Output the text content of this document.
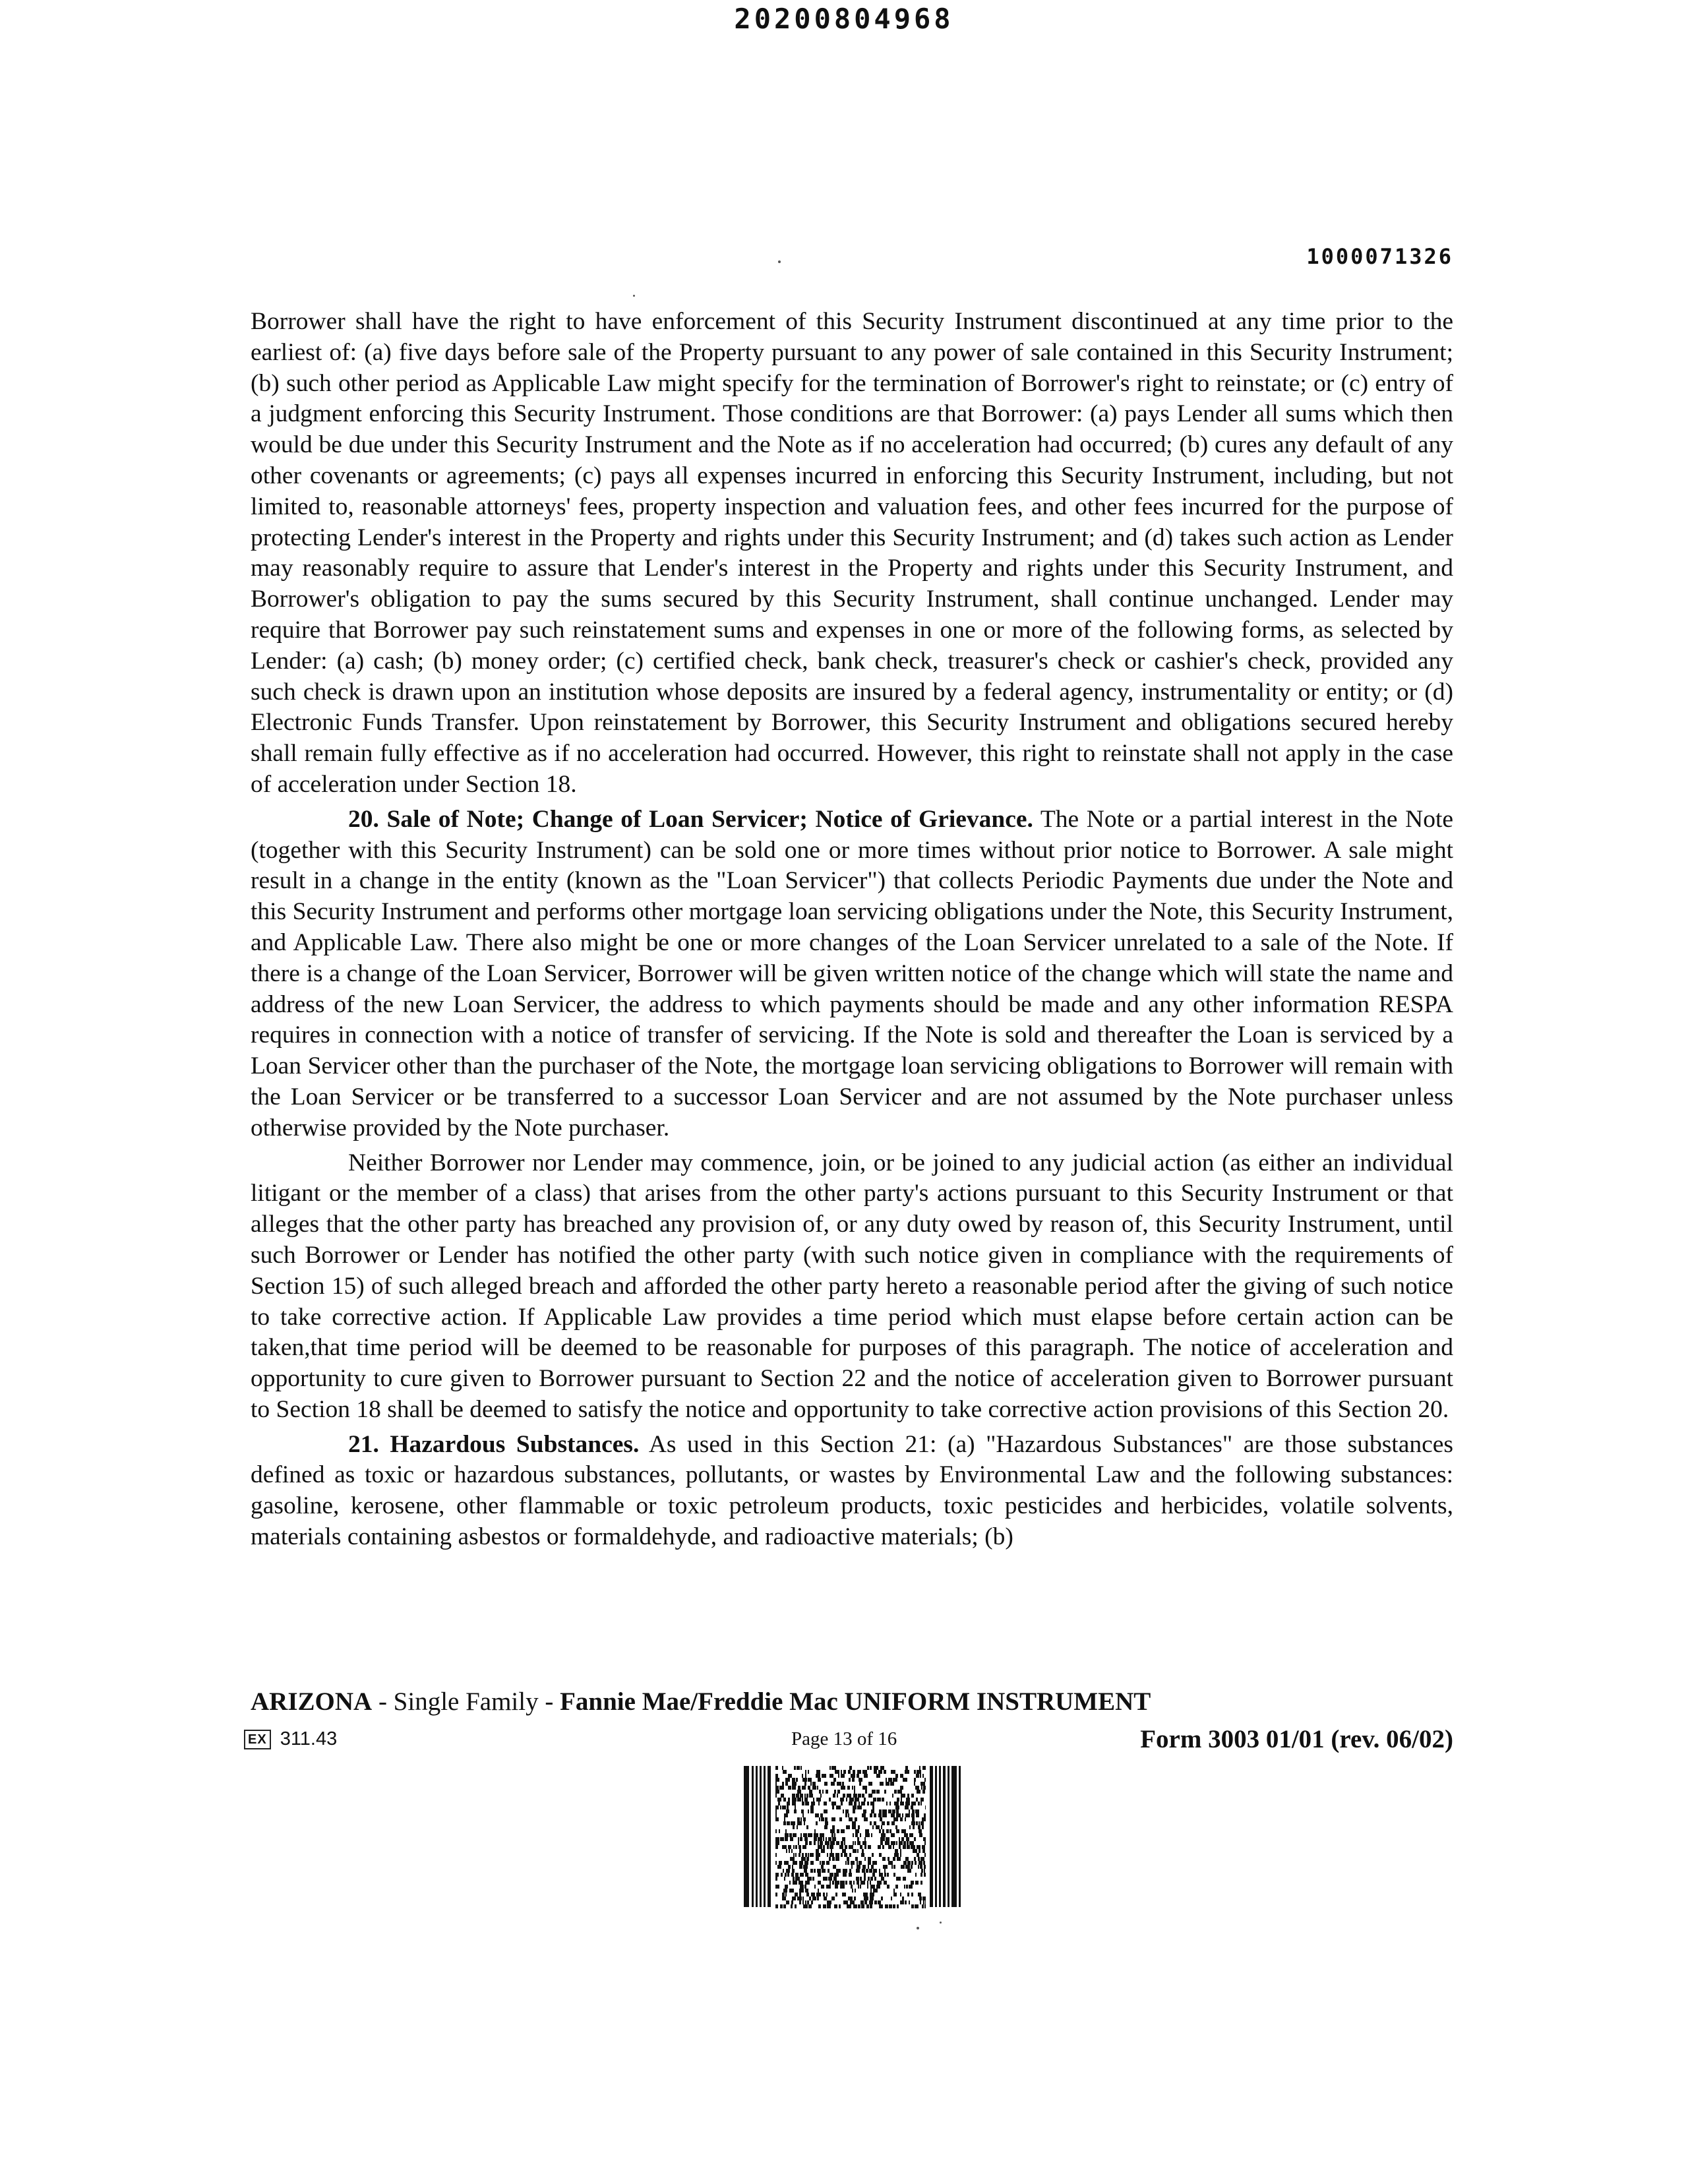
20200804968
1000071326

Borrower shall have the right to have enforcement of this Security Instrument discontinued at any time prior to the earliest of: (a) five days before sale of the Property pursuant to any power of sale contained in this Security Instrument; (b) such other period as Applicable Law might specify for the termination of Borrower's right to reinstate; or (c) entry of a judgment enforcing this Security Instrument. Those conditions are that Borrower: (a) pays Lender all sums which then would be due under this Security Instrument and the Note as if no acceleration had occurred; (b) cures any default of any other covenants or agreements; (c) pays all expenses incurred in enforcing this Security Instrument, including, but not limited to, reasonable attorneys' fees, property inspection and valuation fees, and other fees incurred for the purpose of protecting Lender's interest in the Property and rights under this Security Instrument; and (d) takes such action as Lender may reasonably require to assure that Lender's interest in the Property and rights under this Security Instrument, and Borrower's obligation to pay the sums secured by this Security Instrument, shall continue unchanged. Lender may require that Borrower pay such reinstatement sums and expenses in one or more of the following forms, as selected by Lender: (a) cash; (b) money order; (c) certified check, bank check, treasurer's check or cashier's check, provided any such check is drawn upon an institution whose deposits are insured by a federal agency, instrumentality or entity; or (d) Electronic Funds Transfer. Upon reinstatement by Borrower, this Security Instrument and obligations secured hereby shall remain fully effective as if no acceleration had occurred. However, this right to reinstate shall not apply in the case of acceleration under Section 18.

20. Sale of Note; Change of Loan Servicer; Notice of Grievance. The Note or a partial interest in the Note (together with this Security Instrument) can be sold one or more times without prior notice to Borrower. A sale might result in a change in the entity (known as the "Loan Servicer") that collects Periodic Payments due under the Note and this Security Instrument and performs other mortgage loan servicing obligations under the Note, this Security Instrument, and Applicable Law. There also might be one or more changes of the Loan Servicer unrelated to a sale of the Note. If there is a change of the Loan Servicer, Borrower will be given written notice of the change which will state the name and address of the new Loan Servicer, the address to which payments should be made and any other information RESPA requires in connection with a notice of transfer of servicing. If the Note is sold and thereafter the Loan is serviced by a Loan Servicer other than the purchaser of the Note, the mortgage loan servicing obligations to Borrower will remain with the Loan Servicer or be transferred to a successor Loan Servicer and are not assumed by the Note purchaser unless otherwise provided by the Note purchaser.

Neither Borrower nor Lender may commence, join, or be joined to any judicial action (as either an individual litigant or the member of a class) that arises from the other party's actions pursuant to this Security Instrument or that alleges that the other party has breached any provision of, or any duty owed by reason of, this Security Instrument, until such Borrower or Lender has notified the other party (with such notice given in compliance with the requirements of Section 15) of such alleged breach and afforded the other party hereto a reasonable period after the giving of such notice to take corrective action. If Applicable Law provides a time period which must elapse before certain action can be taken,that time period will be deemed to be reasonable for purposes of this paragraph. The notice of acceleration and opportunity to cure given to Borrower pursuant to Section 22 and the notice of acceleration given to Borrower pursuant to Section 18 shall be deemed to satisfy the notice and opportunity to take corrective action provisions of this Section 20.

21. Hazardous Substances. As used in this Section 21: (a) "Hazardous Substances" are those substances defined as toxic or hazardous substances, pollutants, or wastes by Environmental Law and the following substances: gasoline, kerosene, other flammable or toxic petroleum products, toxic pesticides and herbicides, volatile solvents, materials containing asbestos or formaldehyde, and radioactive materials; (b)

ARIZONA - Single Family - Fannie Mae/Freddie Mac UNIFORM INSTRUMENT
EX 311.43	Page 13 of 16	Form 3003 01/01 (rev. 06/02)
